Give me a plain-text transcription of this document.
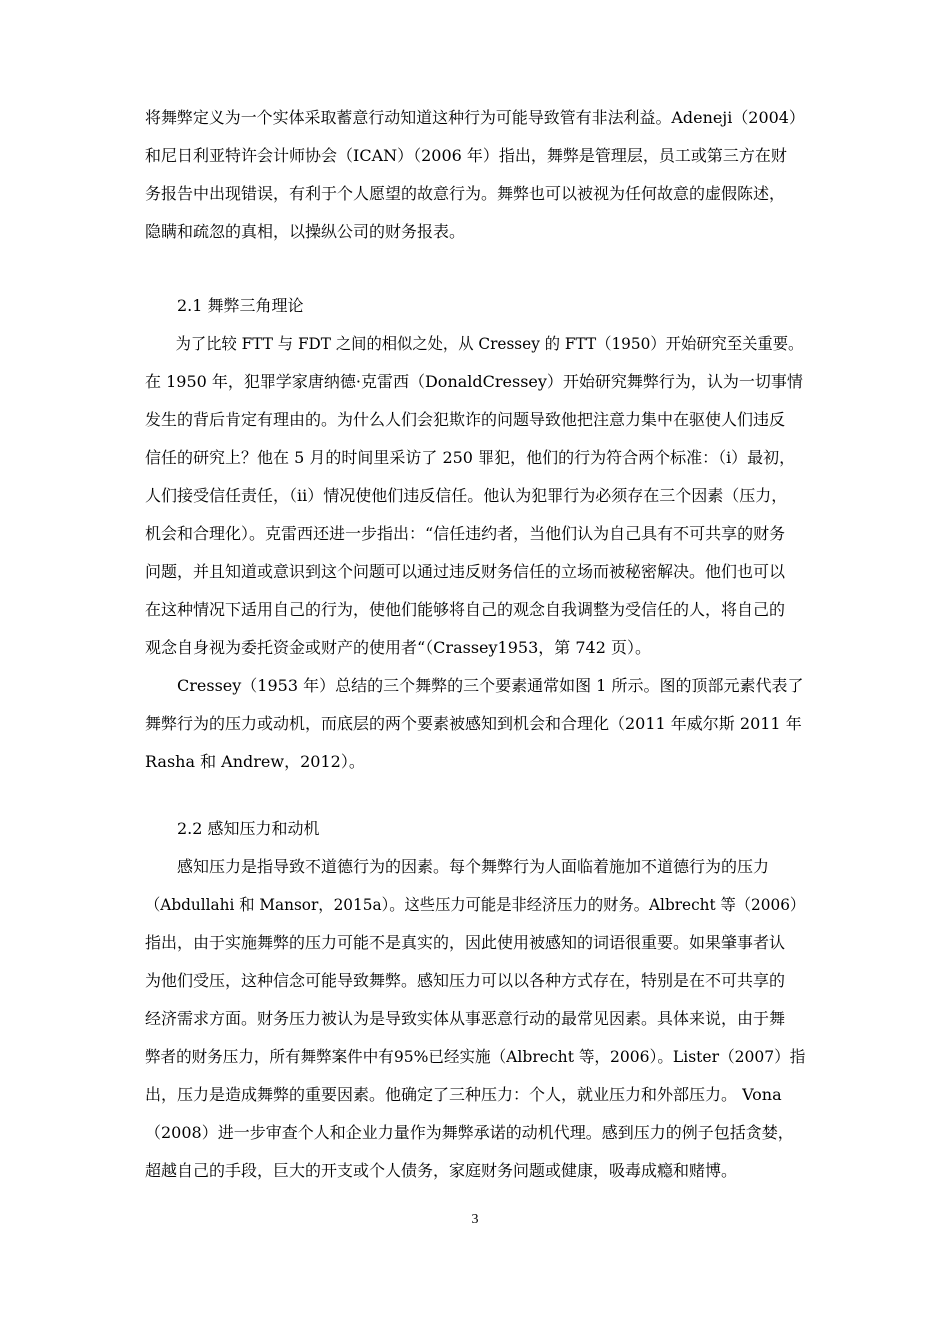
将舞弊定义为一个实体采取蓄意行动知道这种行为可能导致管有非法利益。Adeneji（2004）
和尼日利亚特许会计师协会（ICAN）（2006 年）指出，舞弊是管理层，员工或第三方在财
务报告中出现错误，有利于个人愿望的故意行为。舞弊也可以被视为任何故意的虚假陈述，
隐瞒和疏忽的真相，以操纵公司的财务报表。
2.1 舞弊三角理论
为了比较 FTT 与 FDT 之间的相似之处，从 Cressey 的 FTT（1950）开始研究至关重要。
在 1950 年，犯罪学家唐纳德·克雷西（DonaldCressey）开始研究舞弊行为，认为一切事情
发生的背后肯定有理由的。为什么人们会犯欺诈的问题导致他把注意力集中在驱使人们违反
信任的研究上？他在 5 月的时间里采访了 250 罪犯，他们的行为符合两个标准：（i）最初，
人们接受信任责任，（ii）情况使他们违反信任。他认为犯罪行为必须存在三个因素（压力，
机会和合理化）。克雷西还进一步指出：“信任违约者，当他们认为自己具有不可共享的财务
问题，并且知道或意识到这个问题可以通过违反财务信任的立场而被秘密解决。他们也可以
在这种情况下适用自己的行为，使他们能够将自己的观念自我调整为受信任的人，将自己的
观念自身视为委托资金或财产的使用者“（Crassey1953，第 742 页）。
Cressey（1953 年）总结的三个舞弊的三个要素通常如图 1 所示。图的顶部元素代表了
舞弊行为的压力或动机，而底层的两个要素被感知到机会和合理化（2011 年威尔斯 2011 年
Rasha 和 Andrew，2012）。
2.2 感知压力和动机
感知压力是指导致不道德行为的因素。每个舞弊行为人面临着施加不道德行为的压力
（Abdullahi 和 Mansor，2015a）。这些压力可能是非经济压力的财务。Albrecht 等（2006）
指出，由于实施舞弊的压力可能不是真实的，因此使用被感知的词语很重要。如果肇事者认
为他们受压，这种信念可能导致舞弊。感知压力可以以各种方式存在，特别是在不可共享的
经济需求方面。财务压力被认为是导致实体从事恶意行动的最常见因素。具体来说，由于舞
弊者的财务压力，所有舞弊案件中有95%已经实施（Albrecht 等，2006）。Lister（2007）指
出，压力是造成舞弊的重要因素。他确定了三种压力：个人，就业压力和外部压力。 Vona
（2008）进一步审查个人和企业力量作为舞弊承诺的动机代理。感到压力的例子包括贪婪，
超越自己的手段，巨大的开支或个人债务，家庭财务问题或健康，吸毒成瘾和赌博。
3
